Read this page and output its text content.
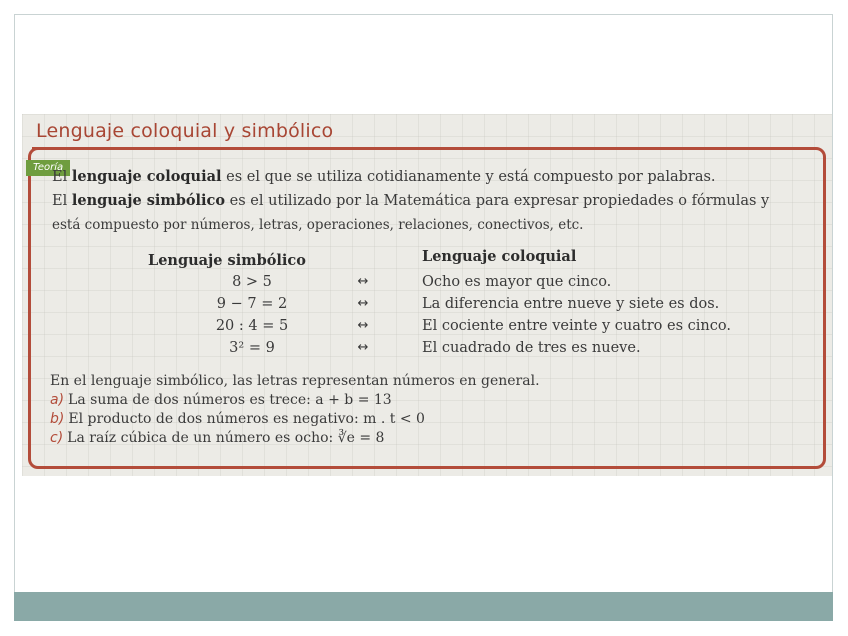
Lenguaje coloquial y simbólico
Teoría

El lenguaje coloquial es el que se utiliza cotidianamente y está compuesto por palabras.

El lenguaje simbólico es el utilizado por la Matemática para expresar propiedades o fórmulas y

está compuesto por números, letras, operaciones, relaciones, conectivos, etc.

Lenguaje simbólico	Lenguaje coloquial
8 > 5	↔	Ocho es mayor que cinco.
9 − 7 = 2	↔	La diferencia entre nueve y siete es dos.
20 : 4 = 5	↔	El cociente entre veinte y cuatro es cinco.
3² = 9	↔	El cuadrado de tres es nueve.

En el lenguaje simbólico, las letras representan números en general.

a) La suma de dos números es trece: a + b = 13

b) El producto de dos números es negativo: m . t < 0

c) La raíz cúbica de un número es ocho: ∛e = 8
